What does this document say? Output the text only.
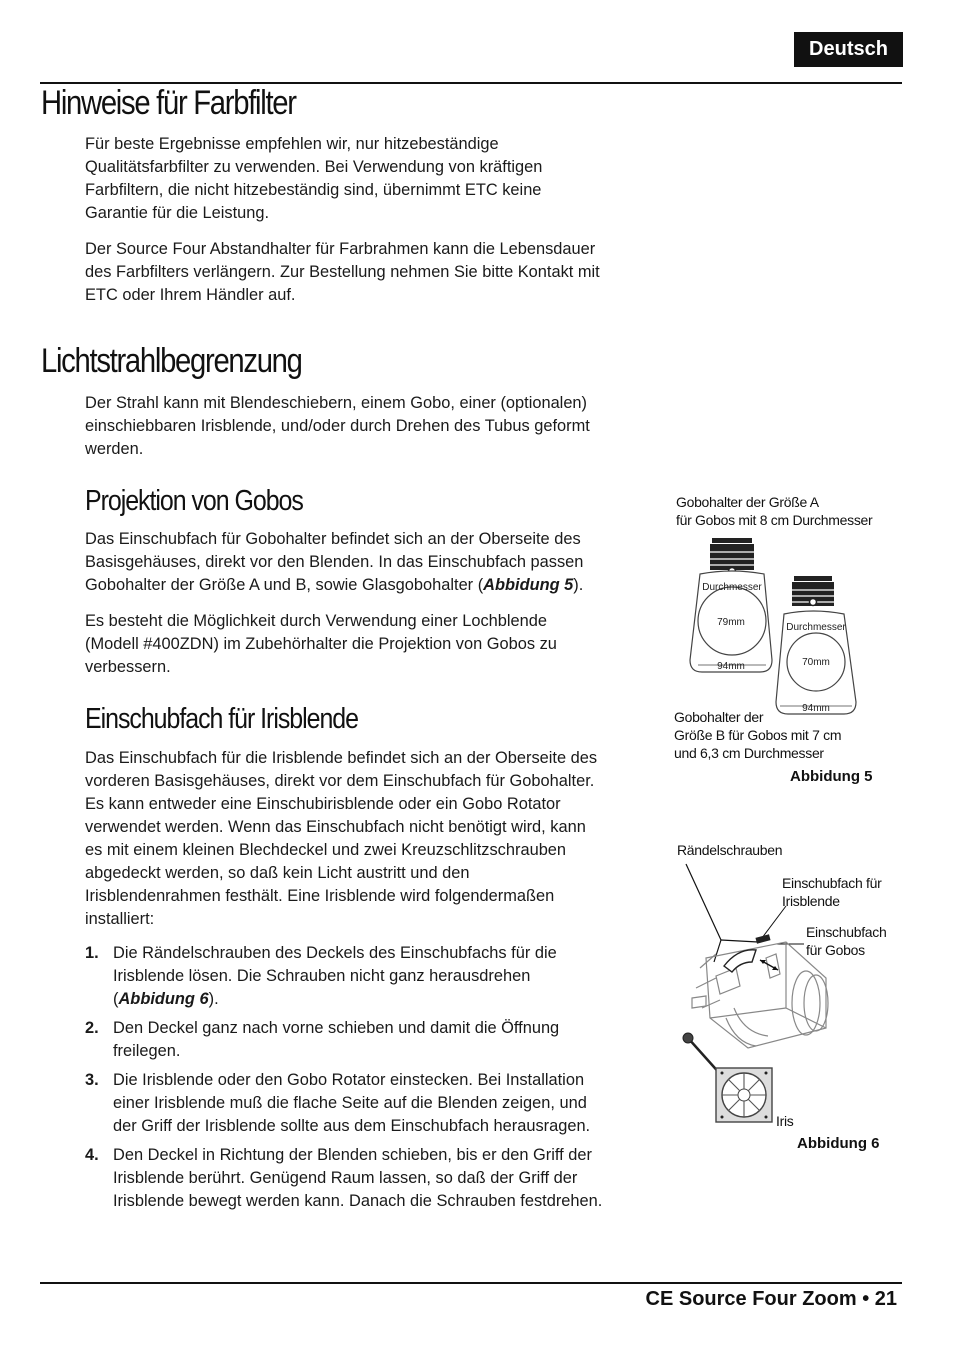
Deutsch
Hinweise für Farbfilter

Für beste Ergebnisse empfehlen wir, nur hitzebeständige
Qualitätsfarbfilter zu verwenden. Bei Verwendung von kräftigen
Farbfiltern, die nicht hitzebeständig sind, übernimmt ETC keine
Garantie für die Leistung.

Der Source Four Abstandhalter für Farbrahmen kann die Lebensdauer
des Farbfilters verlängern. Zur Bestellung nehmen Sie bitte Kontakt mit
ETC oder Ihrem Händler auf.

Lichtstrahlbegrenzung

Der Strahl kann mit Blendeschiebern, einem Gobo, einer (optionalen)
einschiebbaren Irisblende, und/oder durch Drehen des Tubus geformt
werden.

Projektion von Gobos

Das Einschubfach für Gobohalter befindet sich an der Oberseite des
Basisgehäuses, direkt vor den Blenden. In das Einschubfach passen
Gobohalter der Größe A und B, sowie Glasgobohalter (Abbidung 5).

Es besteht die Möglichkeit durch Verwendung einer Lochblende
(Modell #400ZDN) im Zubehörhalter die Projektion von Gobos zu
verbessern.

Einschubfach für Irisblende

Das Einschubfach für die Irisblende befindet sich an der Oberseite des
vorderen Basisgehäuses, direkt vor dem Einschubfach für Gobohalter.
Es kann entweder eine Einschubirisblende oder ein Gobo Rotator
verwendet werden. Wenn das Einschubfach nicht benötigt wird, kann
es mit einem kleinen Blechdeckel und zwei Kreuzschlitzschrauben
abgedeckt werden, so daß kein Licht austritt und den
Irisblendenrahmen festhält. Eine Irisblende wird folgendermaßen
installiert:

1. Die Rändelschrauben des Deckels des Einschubfachs für die
Irisblende lösen. Die Schrauben nicht ganz herausdrehen
(Abbidung 6).
2. Den Deckel ganz nach vorne schieben und damit die Öffnung
freilegen.
3. Die Irisblende oder den Gobo Rotator einstecken. Bei Installation
einer Irisblende muß die flache Seite auf die Blenden zeigen, und
der Griff der Irisblende sollte aus dem Einschubfach herausragen.
4. Den Deckel in Richtung der Blenden schieben, bis er den Griff der
Irisblende berührt. Genügend Raum lassen, so daß der Griff der
Irisblende bewegt werden kann. Danach die Schrauben festdrehen.
Gobohalter der Größe A
für Gobos mit 8 cm Durchmesser
Durchmesser
79mm
94mm
Durchmesser
70mm
94mm
Gobohalter der
Größe B für Gobos mit 7 cm
und 6,3 cm Durchmesser
Abbidung 5
Rändelschrauben
Einschubfach für
Irisblende
Einschubfach
für Gobos
Iris
Abbidung 6
CE Source Four Zoom • 21
